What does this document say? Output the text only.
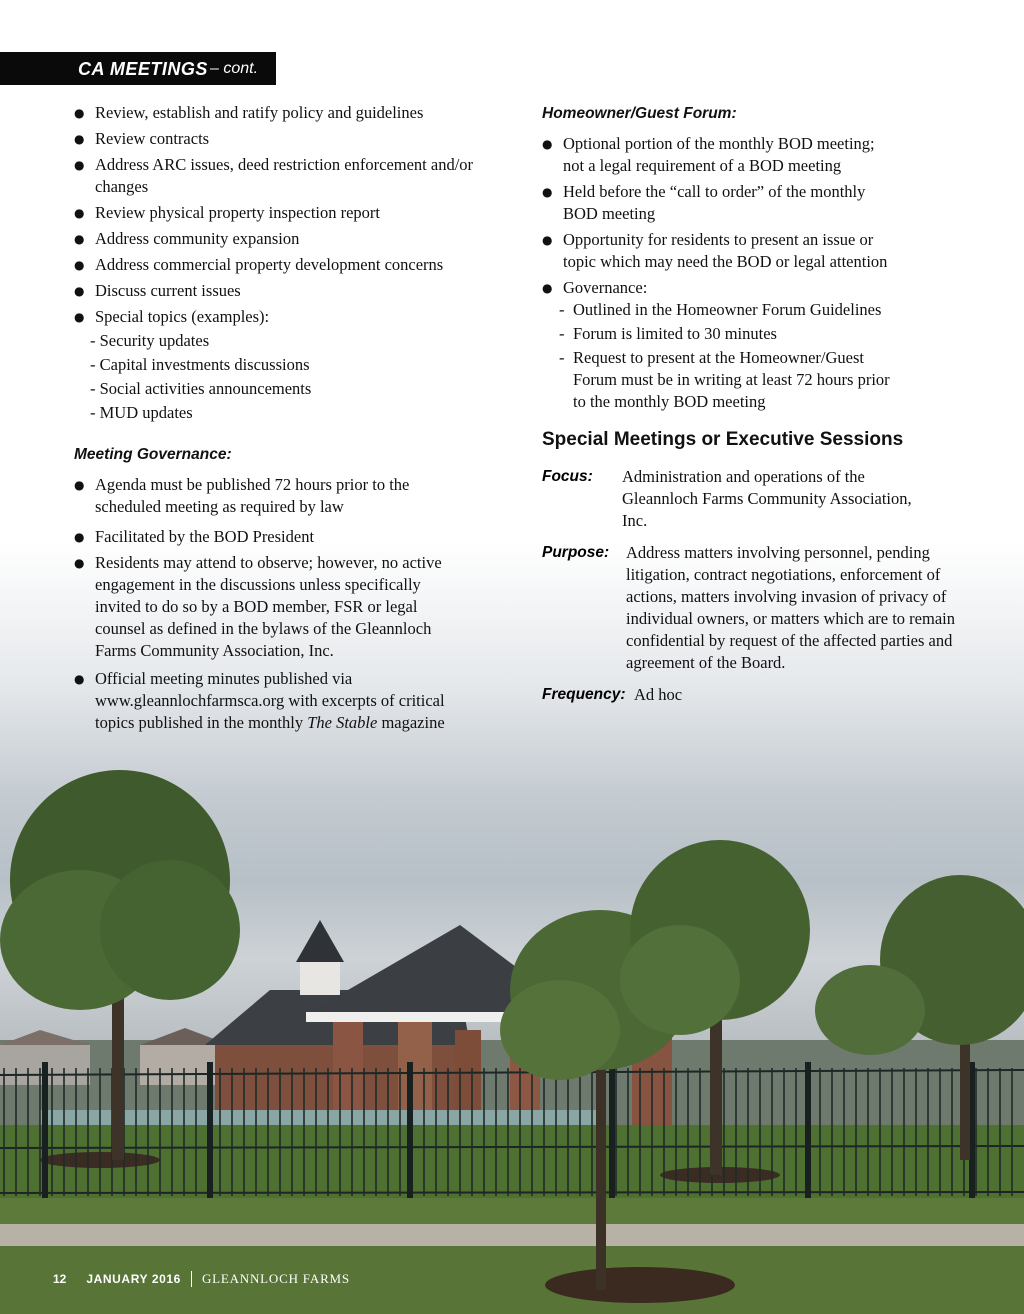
CA MEETINGS – cont.
● Review, establish and ratify policy and guidelines
● Review contracts
● Address ARC issues, deed restriction enforcement and/or changes
● Review physical property inspection report
● Address community expansion
● Address commercial property development concerns
● Discuss current issues
● Special topics (examples):
- Security updates
- Capital investments discussions
- Social activities announcements
- MUD updates
Meeting Governance:
● Agenda must be published 72 hours prior to the scheduled meeting as required by law
● Facilitated by the BOD President
● Residents may attend to observe; however, no active engagement in the discussions unless specifically invited to do so by a BOD member, FSR or legal counsel as defined in the bylaws of the Gleannloch Farms Community Association, Inc.
● Official meeting minutes published via www.gleannlochfarmsca.org with excerpts of critical topics published in the monthly The Stable magazine
Homeowner/Guest Forum:
● Optional portion of the monthly BOD meeting; not a legal requirement of a BOD meeting
● Held before the “call to order” of the monthly BOD meeting
● Opportunity for residents to present an issue or topic which may need the BOD or legal attention
● Governance:
- Outlined in the Homeowner Forum Guidelines
- Forum is limited to 30 minutes
- Request to present at the Homeowner/Guest Forum must be in writing at least 72 hours prior to the monthly BOD meeting
Special Meetings or Executive Sessions
Focus: Administration and operations of the Gleannloch Farms Community Association, Inc.
Purpose: Address matters involving personnel, pending litigation, contract negotiations, enforcement of actions, matters involving invasion of privacy of individual owners, or matters which are to remain confidential by request of the affected parties and agreement of the Board.
Frequency: Ad hoc
12 JANUARY 2016 GLEANNLOCH FARMS
